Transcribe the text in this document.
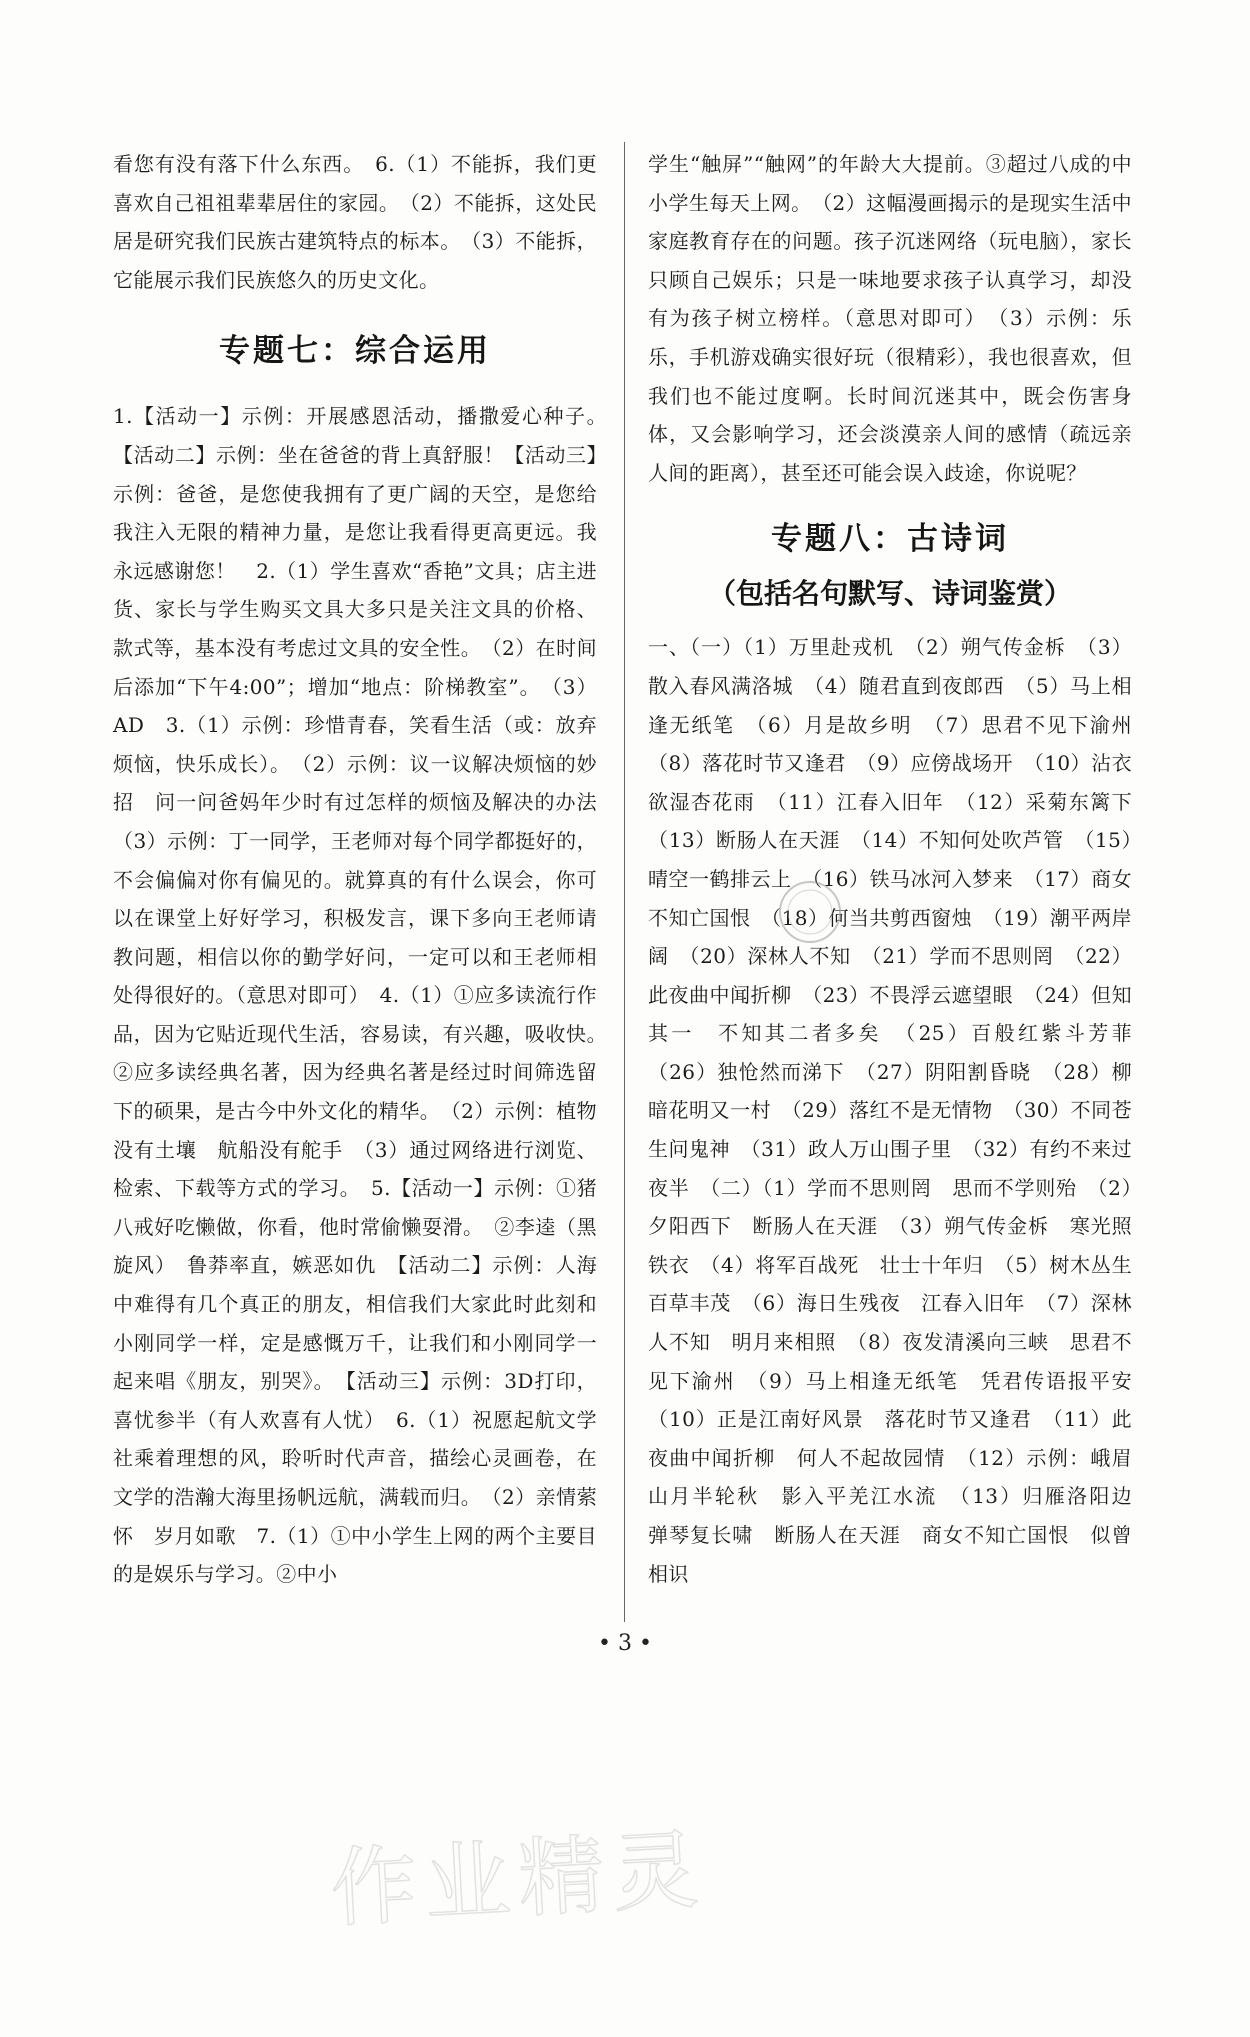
看您有没有落下什么东西。　6.（1）不能拆，我们更喜欢自己祖祖辈辈居住的家园。　（2）不能拆，这处民居是研究我们民族古建筑特点的标本。　（3）不能拆，它能展示我们民族悠久的历史文化。

专题七：综合运用

1.【活动一】示例：开展感恩活动，播撒爱心种子。　【活动二】示例：坐在爸爸的背上真舒服！【活动三】示例：爸爸，是您使我拥有了更广阔的天空，是您给我注入无限的精神力量，是您让我看得更高更远。我永远感谢您！　2.（1）学生喜欢“香艳”文具；店主进货、家长与学生购买文具大多只是关注文具的价格、款式等，基本没有考虑过文具的安全性。　（2）在时间后添加“下午4:00”；增加“地点：阶梯教室”。　（3）AD　3.（1）示例：珍惜青春，笑看生活（或：放弃烦恼，快乐成长）。　（2）示例：议一议解决烦恼的妙招　问一问爸妈年少时有过怎样的烦恼及解决的办法　（3）示例：丁一同学，王老师对每个同学都挺好的，不会偏偏对你有偏见的。就算真的有什么误会，你可以在课堂上好好学习，积极发言，课下多向王老师请教问题，相信以你的勤学好问，一定可以和王老师相处得很好的。（意思对即可）　4.（1）①应多读流行作品，因为它贴近现代生活，容易读，有兴趣，吸收快。　②应多读经典名著，因为经典名著是经过时间筛选留下的硕果，是古今中外文化的精华。　（2）示例：植物没有土壤　航船没有舵手　（3）通过网络进行浏览、检索、下载等方式的学习。　5.【活动一】示例：①猪八戒好吃懒做，你看，他时常偷懒耍滑。　②李逵（黑旋风）　鲁莽率直，嫉恶如仇　【活动二】示例：人海中难得有几个真正的朋友，相信我们大家此时此刻和小刚同学一样，定是感慨万千，让我们和小刚同学一起来唱《朋友，别哭》。　【活动三】示例：3D打印，喜忧参半（有人欢喜有人忧）　6.（1）祝愿起航文学社乘着理想的风，聆听时代声音，描绘心灵画卷，在文学的浩瀚大海里扬帆远航，满载而归。　（2）亲情萦怀　岁月如歌　7.（1）①中小学生上网的两个主要目的是娱乐与学习。②中小

学生“触屏”“触网”的年龄大大提前。③超过八成的中小学生每天上网。　（2）这幅漫画揭示的是现实生活中家庭教育存在的问题。孩子沉迷网络（玩电脑），家长只顾自己娱乐；只是一味地要求孩子认真学习，却没有为孩子树立榜样。（意思对即可）　（3）示例：乐乐，手机游戏确实很好玩（很精彩），我也很喜欢，但我们也不能过度啊。长时间沉迷其中，既会伤害身体，又会影响学习，还会淡漠亲人间的感情（疏远亲人间的距离），甚至还可能会误入歧途，你说呢？

专题八：古诗词
（包括名句默写、诗词鉴赏）

一、（一）（1）万里赴戎机　（2）朔气传金柝　（3）散入春风满洛城　（4）随君直到夜郎西　（5）马上相逢无纸笔　（6）月是故乡明　（7）思君不见下渝州　（8）落花时节又逢君　（9）应傍战场开　（10）沾衣欲湿杏花雨　（11）江春入旧年　（12）采菊东篱下　（13）断肠人在天涯　（14）不知何处吹芦管　（15）晴空一鹤排云上　（16）铁马冰河入梦来　（17）商女不知亡国恨　（18）何当共剪西窗烛　（19）潮平两岸阔　（20）深林人不知　（21）学而不思则罔　（22）此夜曲中闻折柳　（23）不畏浮云遮望眼　（24）但知其一　不知其二者多矣　（25）百般红紫斗芳菲　（26）独怆然而涕下　（27）阴阳割昏晓　（28）柳暗花明又一村　（29）落红不是无情物　（30）不同苍生问鬼神　（31）政人万山围子里　（32）有约不来过夜半　（二）（1）学而不思则罔　思而不学则殆　（2）夕阳西下　断肠人在天涯　（3）朔气传金柝　寒光照铁衣　（4）将军百战死　壮士十年归　（5）树木丛生　百草丰茂　（6）海日生残夜　江春入旧年　（7）深林人不知　明月来相照　（8）夜发清溪向三峡　思君不见下渝州　（9）马上相逢无纸笔　凭君传语报平安　（10）正是江南好风景　落花时节又逢君　（11）此夜曲中闻折柳　何人不起故园情　（12）示例：峨眉山月半轮秋　影入平羌江水流　（13）归雁洛阳边　弹琴复长啸　断肠人在天涯　商女不知亡国恨　似曾相识

• 3 •
作业精灵
